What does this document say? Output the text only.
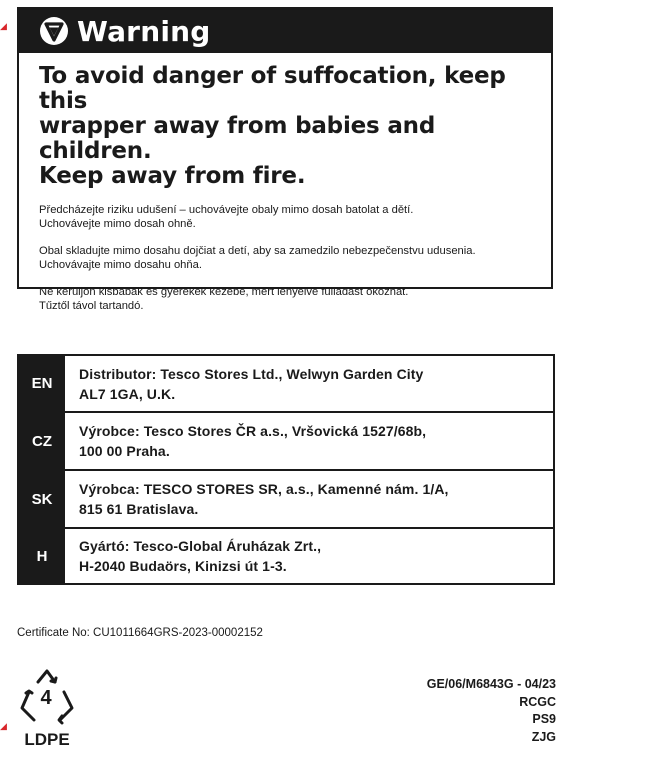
Warning
To avoid danger of suffocation, keep this
wrapper away from babies and children.
Keep away from fire.
Předcházejte riziku udušení – uchovávejte obaly mimo dosah batolat a dětí.
Uchovávejte mimo dosah ohně.
Obal skladujte mimo dosahu dojčiat a detí, aby sa zamedzilo nebezpečenstvu udusenia.
Uchovávajte mimo dosahu ohňa.
Ne kerüljön kisbabák és gyerekek kezébe, mert lenyelve fulladást okozhat.
Tűztől távol tartandó.
EN
Distributor: Tesco Stores Ltd., Welwyn Garden City
AL7 1GA, U.K.
CZ
Výrobce: Tesco Stores ČR a.s., Vršovická 1527/68b,
100 00 Praha.
SK
Výrobca: TESCO STORES SR, a.s., Kamenné nám. 1/A,
815 61 Bratislava.
H
Gyártó: Tesco-Global Áruházak Zrt.,
H-2040 Budaörs, Kinizsi út 1-3.
Certificate No: CU1011664GRS-2023-00002152
4
LDPE
GE/06/M6843G - 04/23
RCGC
PS9
ZJG
◢
◢
